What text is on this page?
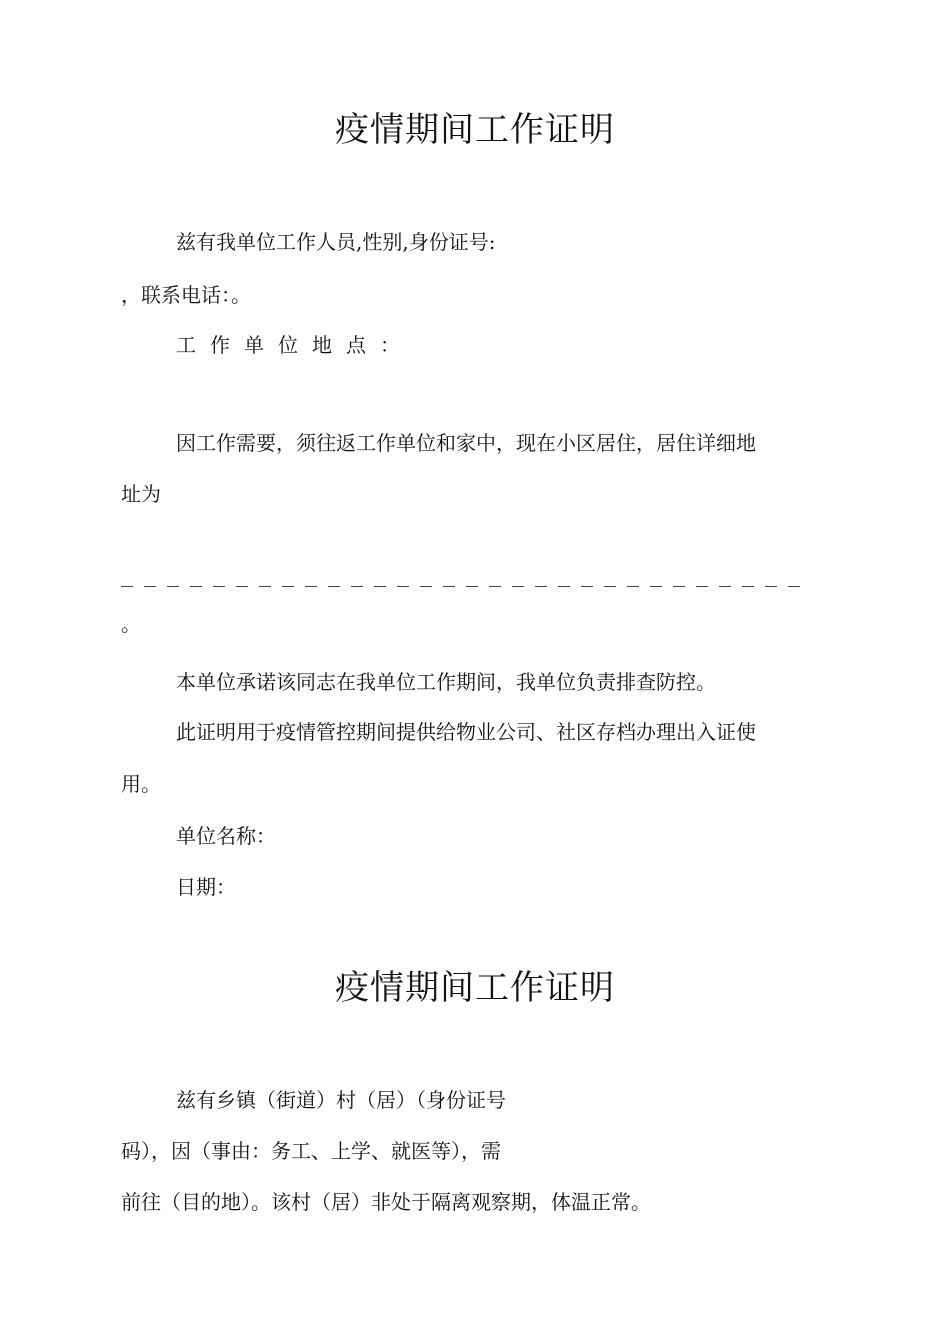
疫情期间工作证明

兹有我单位工作人员,性别,身份证号:

，联系电话：。

工作单位地点：

因工作需要，须往返工作单位和家中，现在小区居住，居住详细地

址为

。

本单位承诺该同志在我单位工作期间，我单位负责排查防控。

此证明用于疫情管控期间提供给物业公司、社区存档办理出入证使

用。

单位名称：

日期：

疫情期间工作证明

兹有乡镇（街道）村（居）（身份证号

码），因（事由：务工、上学、就医等），需

前往（目的地）。该村（居）非处于隔离观察期，体温正常。
